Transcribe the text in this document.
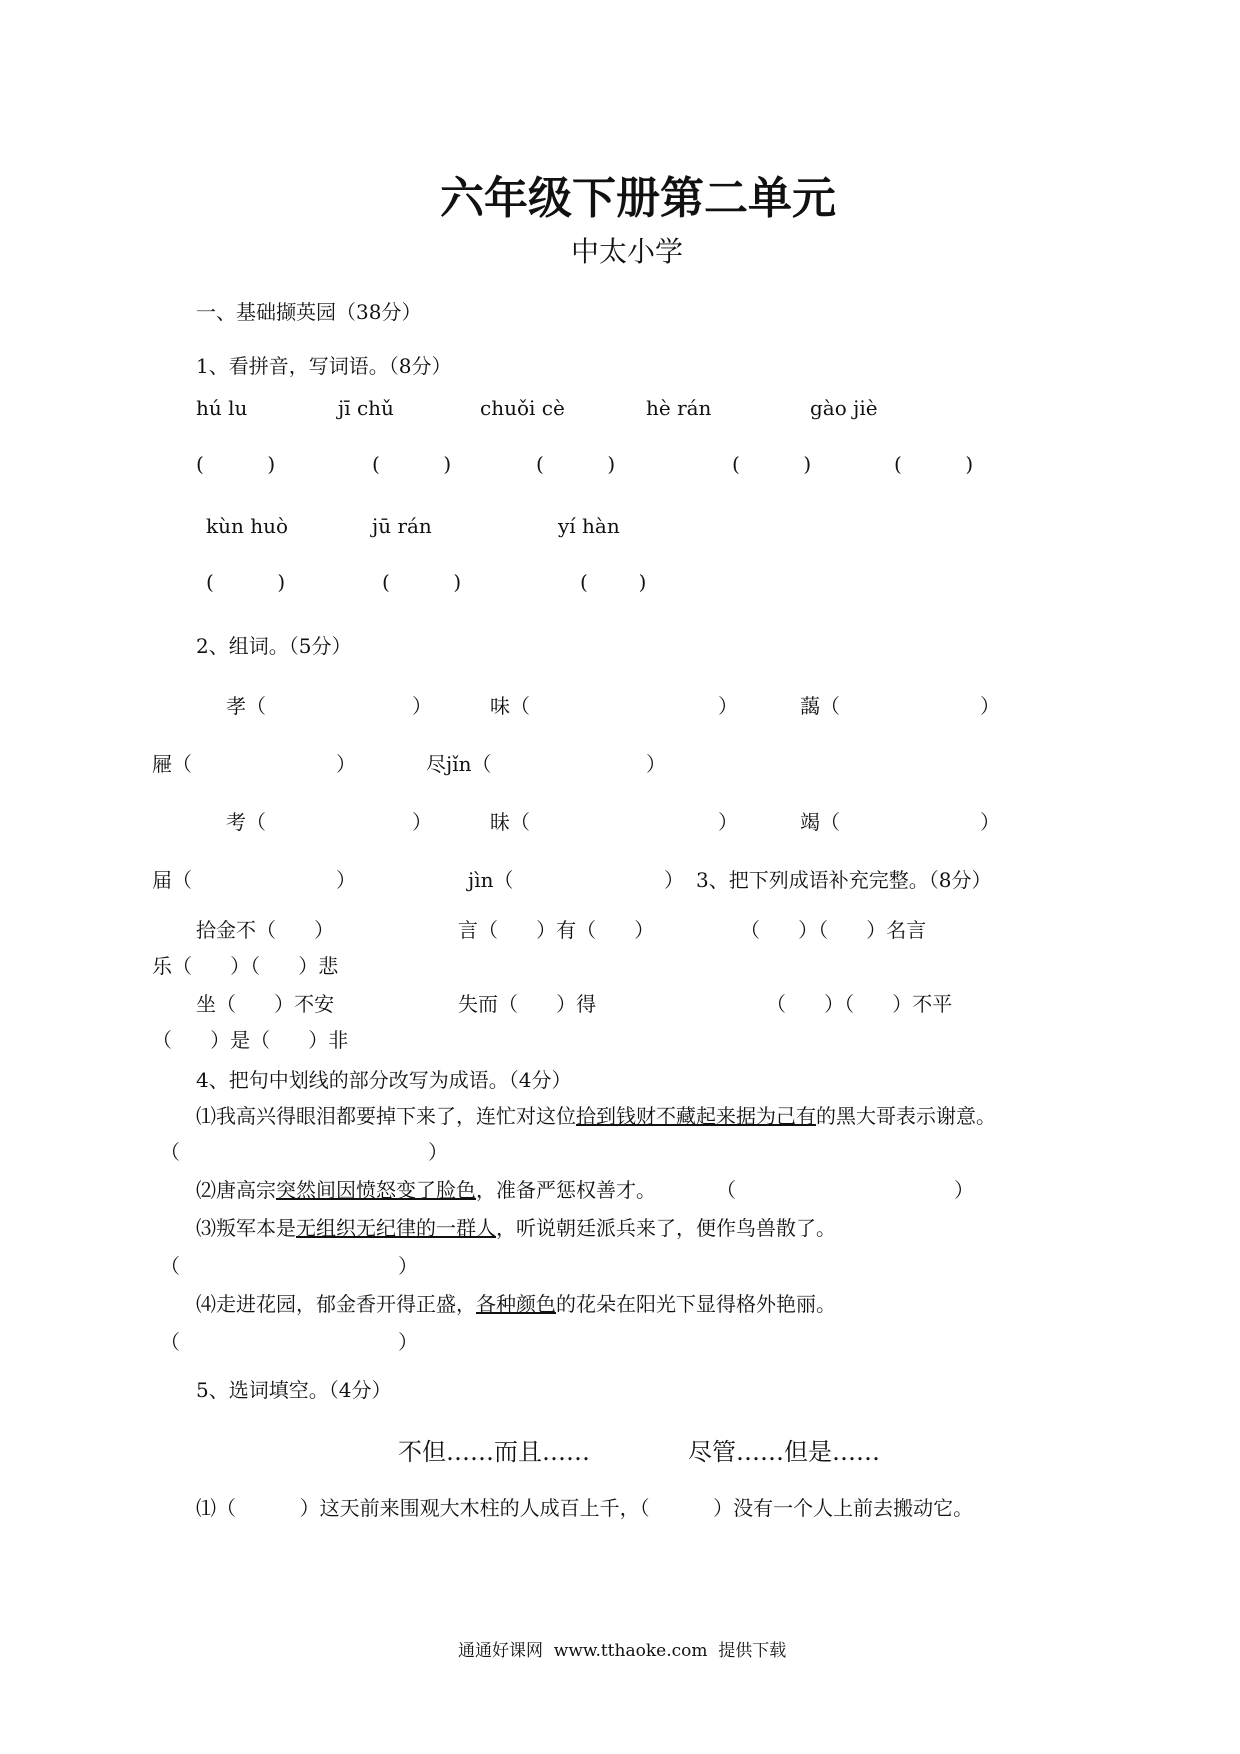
六年级下册第二单元
中太小学
一、基础撷英园（38分）
1、看拼音，写词语。（8分）
hú lu	jī chǔ	chuǒi cè	hè rán	gào jiè
(          )	(          )	(          )	(          )	(          )
kùn huò	jū rán	yí hàn
(          )	(          )	(        )
2、组词。（5分）
孝（	）	味（	）	藹（	）
屜（	）	尽jǐn（	）
考（	）	昧（	）	竭（	）
届（	）	jìn（	） 3、把下列成语补充完整。（8分）
拾金不（      ）	言（      ）有（      ）	（      ）（      ）名言
乐（      ）（      ）悲
坐（      ）不安	失而（      ）得	（      ）（      ）不平
（      ）是（      ）非
4、把句中划线的部分改写为成语。（4分）
⑴我高兴得眼泪都要掉下来了，连忙对这位拾到钱财不藏起来据为己有的黑大哥表示谢意。
（	）
⑵唐高宗突然间因愤怒变了脸色，准备严惩权善才。	（	）
⑶叛军本是无组织无纪律的一群人，听说朝廷派兵来了，便作鸟兽散了。
（	）
⑷走进花园，郁金香开得正盛，各种颜色的花朵在阳光下显得格外艳丽。
（	）
5、选词填空。（4分）
不但……而且……	尽管……但是……
⑴（          ）这天前来围观大木柱的人成百上千，（          ）没有一个人上前去搬动它。
通通好课网  www.tthaoke.com  提供下载
